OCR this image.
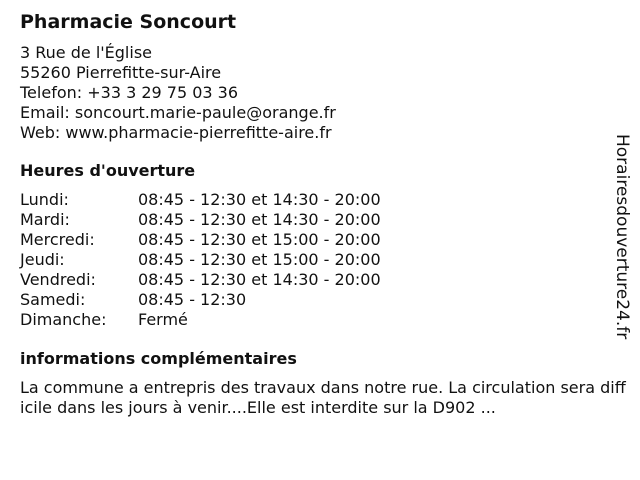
Pharmacie Soncourt
3 Rue de l'Église
55260 Pierrefitte-sur-Aire
Telefon: +33 3 29 75 03 36
Email: soncourt.marie-paule@orange.fr
Web: www.pharmacie-pierrefitte-aire.fr
Heures d'ouverture
Lundi:	08:45 - 12:30 et 14:30 - 20:00
Mardi:	08:45 - 12:30 et 14:30 - 20:00
Mercredi:	08:45 - 12:30 et 15:00 - 20:00
Jeudi:	08:45 - 12:30 et 15:00 - 20:00
Vendredi:	08:45 - 12:30 et 14:30 - 20:00
Samedi:	08:45 - 12:30
Dimanche:	Fermé
informations complémentaires
La commune a entrepris des travaux dans notre rue. La circulation sera difficile dans les jours à venir....Elle est interdite sur la D902 ...
Horairesdouverture24.fr
